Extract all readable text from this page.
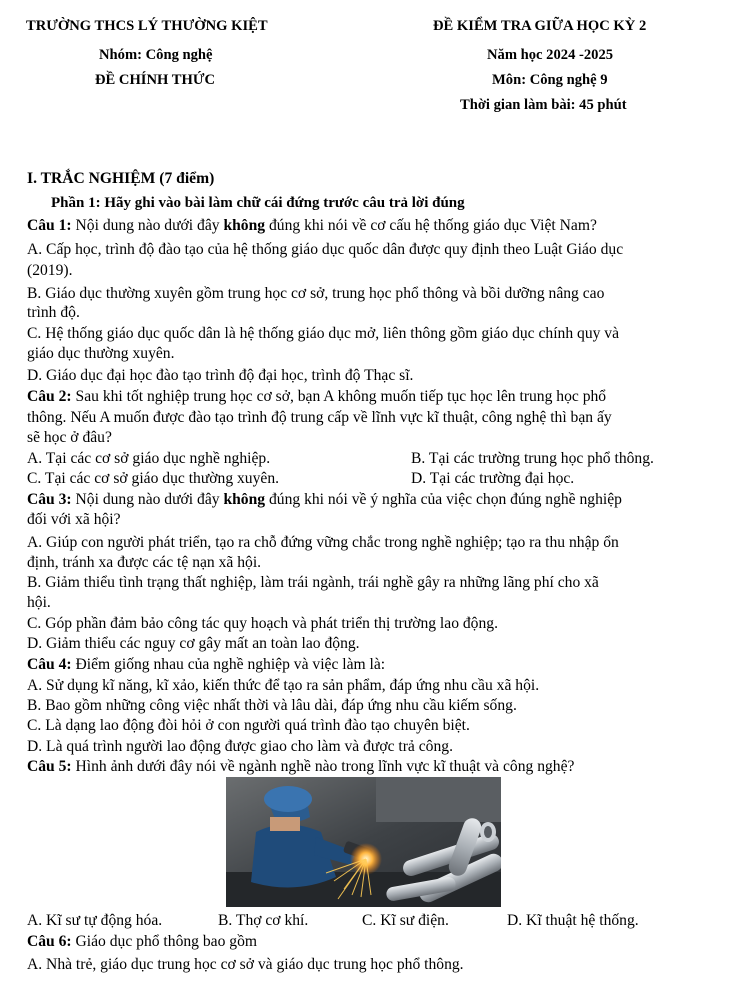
TRƯỜNG THCS LÝ THƯỜNG KIỆT
Nhóm: Công nghệ
ĐỀ CHÍNH THỨC
ĐỀ KIỂM TRA GIỮA HỌC KỲ 2
Năm học 2024 -2025
Môn: Công nghệ 9
Thời gian làm bài: 45 phút
I. TRẮC NGHIỆM (7 điểm)
Phần 1: Hãy ghi vào bài làm chữ cái đứng trước câu trả lời đúng
Câu 1: Nội dung nào dưới đây không đúng khi nói về cơ cấu hệ thống giáo dục Việt Nam?
A. Cấp học, trình độ đào tạo của hệ thống giáo dục quốc dân được quy định theo Luật Giáo dục
(2019).
B. Giáo dục thường xuyên gồm trung học cơ sở, trung học phổ thông và bồi dưỡng nâng cao
trình độ.
C. Hệ thống giáo dục quốc dân là hệ thống giáo dục mở, liên thông gồm giáo dục chính quy và
giáo dục thường xuyên.
D. Giáo dục đại học đào tạo trình độ đại học, trình độ Thạc sĩ.
Câu 2: Sau khi tốt nghiệp trung học cơ sở, bạn A không muốn tiếp tục học lên trung học phổ
thông. Nếu A muốn được đào tạo trình độ trung cấp về lĩnh vực kĩ thuật, công nghệ thì bạn ấy
sẽ học ở đâu?
A. Tại các cơ sở giáo dục nghề nghiệp.	B. Tại các trường trung học phổ thông.
C. Tại các cơ sở giáo dục thường xuyên.	D. Tại các trường đại học.
Câu 3: Nội dung nào dưới đây không đúng khi nói về ý nghĩa của việc chọn đúng nghề nghiệp
đối với xã hội?
A. Giúp con người phát triển, tạo ra chỗ đứng vững chắc trong nghề nghiệp; tạo ra thu nhập ổn
định, tránh xa được các tệ nạn xã hội.
B. Giảm thiểu tình trạng thất nghiệp, làm trái ngành, trái nghề gây ra những lãng phí cho xã
hội.
C. Góp phần đảm bảo công tác quy hoạch và phát triển thị trường lao động.
D. Giảm thiểu các nguy cơ gây mất an toàn lao động.
Câu 4: Điểm giống nhau của nghề nghiệp và việc làm là:
A. Sử dụng kĩ năng, kĩ xảo, kiến thức để tạo ra sản phẩm, đáp ứng nhu cầu xã hội.
B. Bao gồm những công việc nhất thời và lâu dài, đáp ứng nhu cầu kiếm sống.
C. Là dạng lao động đòi hỏi ở con người quá trình đào tạo chuyên biệt.
D. Là quá trình người lao động được giao cho làm và được trả công.
Câu 5: Hình ảnh dưới đây nói về ngành nghề nào trong lĩnh vực kĩ thuật và công nghệ?
A. Kĩ sư tự động hóa.	B. Thợ cơ khí.	C. Kĩ sư điện.	D. Kĩ thuật hệ thống.
Câu 6: Giáo dục phổ thông bao gồm
A. Nhà trẻ, giáo dục trung học cơ sở và giáo dục trung học phổ thông.
